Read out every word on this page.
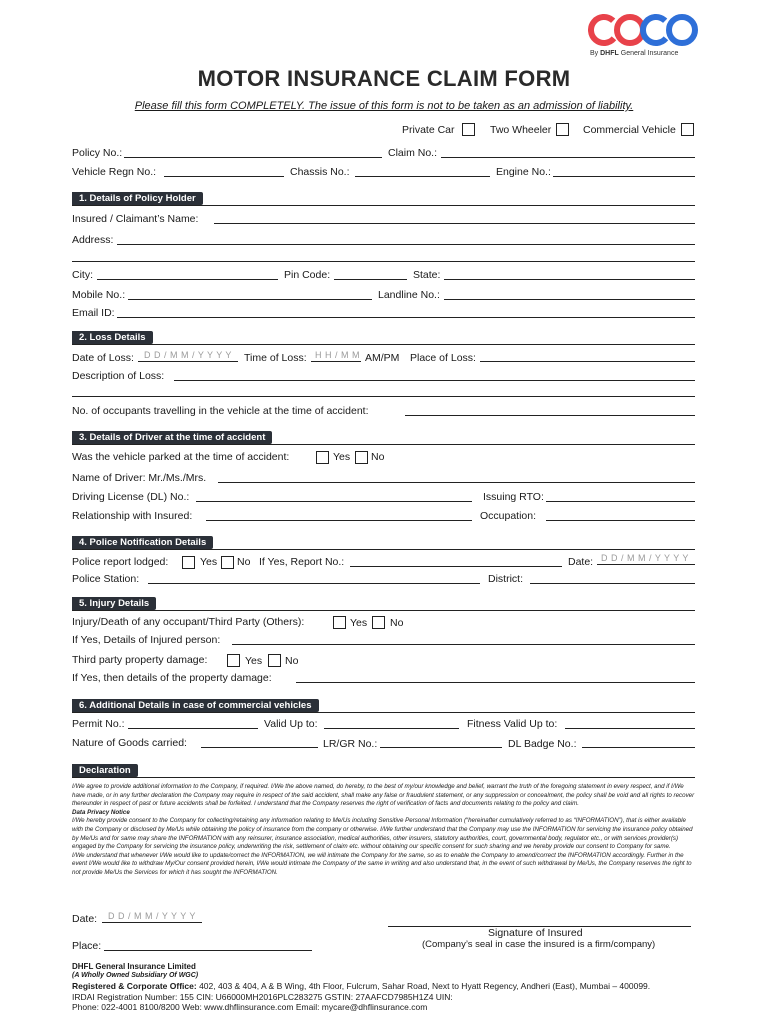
By DHFL General Insurance
MOTOR INSURANCE CLAIM FORM
Please fill this form COMPLETELY. The issue of this form is not to be taken as an admission of liability.
Private Car	Two Wheeler	Commercial Vehicle
Policy No.:	Claim No.:
Vehicle Regn No.:	Chassis No.:	Engine No.:
1. Details of Policy Holder
Insured / Claimant’s Name:
Address:
City:	Pin Code:	State:
Mobile No.:	Landline No.:
Email ID:
2. Loss Details
Date of Loss: D D / M M / Y Y Y Y Time of Loss: H H / M M AM/PM Place of Loss:
Description of Loss:
No. of occupants travelling in the vehicle at the time of accident:
3. Details of Driver at the time of accident
Was the vehicle parked at the time of accident:	Yes No
Name of Driver: Mr./Ms./Mrs.
Driving License (DL) No.:	Issuing RTO:
Relationship with Insured:	Occupation:
4. Police Notification Details
Police report lodged:	Yes No If Yes, Report No.:	Date: D D / M M / Y Y Y Y
Police Station:	District:
5. Injury Details
Injury/Death of any occupant/Third Party (Others):	Yes No
If Yes, Details of Injured person:
Third party property damage:	Yes No
If Yes, then details of the property damage:
6. Additional Details in case of commercial vehicles
Permit No.:	Valid Up to:	Fitness Valid Up to:
Nature of Goods carried:	LR/GR No.:	DL Badge No.:
Declaration

I/We agree to provide additional information to the Company, if required. I/We the above named, do hereby, to the best of my/our knowledge and belief, warrant the truth of the foregoing statement in every respect, and if I/We have made, or in any further declaration the Company may require in respect of the said accident, shall make any false or fraudulent statement, or any suppression or concealment, the policy shall be void and all rights to recover thereunder in respect of past or future accidents shall be forfeited. I understand that the Company reserves the right of verification of facts and documents relating to the policy and claim.

Data Privacy Notice

I/We hereby provide consent to the Company for collecting/retaining any information relating to Me/Us including Sensitive Personal Information (“hereinafter cumulatively referred to as “INFORMATION”), that is either available with the Company or disclosed by Me/Us while obtaining the policy of insurance from the company or otherwise. I/We further understand that the Company may use the INFORMATION for servicing the insurance policy obtained by Me/Us and for same may share the INFORMATION with any reinsurer, insurance association, medical authorities, other insurers, statutory authorities, court, governmental body, regulator etc., or with services provider(s) engaged by the Company for servicing the insurance policy, underwriting the risk, settlement of claim etc. without obtaining our specific consent for such sharing and we hereby provide our consent to Company for same.

I/We understand that whenever I/We would like to update/correct the INFORMATION, we will intimate the Company for the same, so as to enable the Company to amend/correct the INFORMATION accordingly. Further in the event I/We would like to withdraw My/Our consent provided herein, I/We would intimate the Company of the same in writing and also understand that, in the event of such withdrawal by Me/Us, the Company reserves the right to not provide Me/Us the Services for which it has sought the INFORMATION.

Date: D D / M M / Y Y Y Y
Signature of Insured
(Company’s seal in case the insured is a firm/company)
Place:
DHFL General Insurance Limited
(A Wholly Owned Subsidiary Of WGC)
Registered & Corporate Office: 402, 403 & 404, A & B Wing, 4th Floor, Fulcrum, Sahar Road, Next to Hyatt Regency, Andheri (East), Mumbai – 400099.
IRDAI Registration Number: 155 CIN: U66000MH2016PLC283275 GSTIN: 27AAFCD7985H1Z4 UIN:
Phone: 022-4001 8100/8200 Web: www.dhflinsurance.com Email: mycare@dhflinsurance.com
